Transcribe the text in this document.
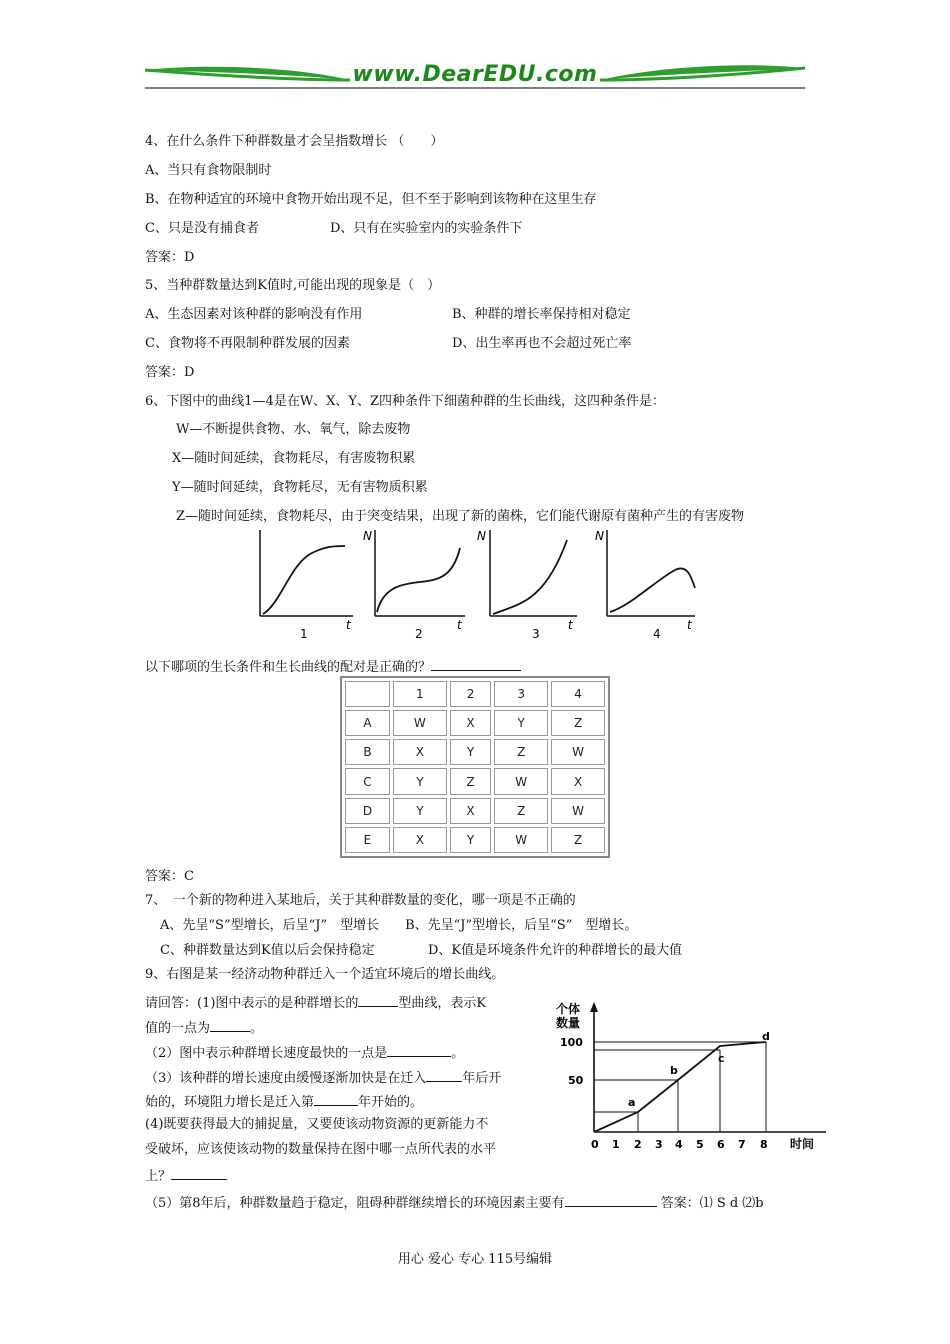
www.DearEDU.com
4、在什么条件下种群数量才会呈指数增长 （　　）
A、当只有食物限制时
B、在物种适宜的环境中食物开始出现不足，但不至于影响到该物种在这里生存
C、只是没有捕食者	D、只有在实验室内的实验条件下
答案：D
5、当种群数量达到K值时,可能出现的现象是（　）
A、生态因素对该种群的影响没有作用	B、种群的增长率保持相对稳定
C、食物将不再限制种群发展的因素	D、出生率再也不会超过死亡率
答案：D
6、下图中的曲线1—4是在W、X、Y、Z四种条件下细菌种群的生长曲线，这四种条件是：
W—不断提供食物、水、氧气，除去废物
X—随时间延续，食物耗尽，有害废物积累
Y—随时间延续，食物耗尽，无有害物质积累
Z—随时间延续，食物耗尽，由于突变结果，出现了新的菌株，它们能代谢原有菌种产生的有害废物
t
1
N
t
2
N
t
3
N
t
4
以下哪项的生长条件和生长曲线的配对是正确的？
	1	2	3	4
A	W	X	Y	Z
B	X	Y	Z	W
C	Y	Z	W	X
D	Y	X	Z	W
E	X	Y	W	Z
答案：C
7、　一个新的物种进入某地后，关于其种群数量的变化，哪一项是不正确的
A、先呈“S”型增长，后呈“J”　型增长　　B、先呈“J”型增长，后呈“S”　型增长。
C、种群数量达到K值以后会保持稳定	D、K值是环境条件允许的种群增长的最大值
9、右图是某一经济动物种群迁入一个适宜环境后的增长曲线。
请回答：(1)图中表示的是种群增长的	型曲线，表示K
值的一点为	。
（2）图中表示种群增长速度最快的一点是	。
（3）该种群的增长速度由缓慢逐渐加快是在迁入	年后开
始的，环境阻力增长是迁入第	年开始的。
(4)既要获得最大的捕捉量，又要使该动物资源的更新能力不
受破坏，应该使该动物的数量保持在图中哪一点所代表的水平
上？
（5）第8年后，种群数量趋于稳定，阻碍种群继续增长的环境因素主要有	答案：⑴ S d ⑵b
个体
数量
100
50
0 1 2 3 4 5 6 7 8 时间
a
b
c
d
用心 爱心 专心 115号编辑
